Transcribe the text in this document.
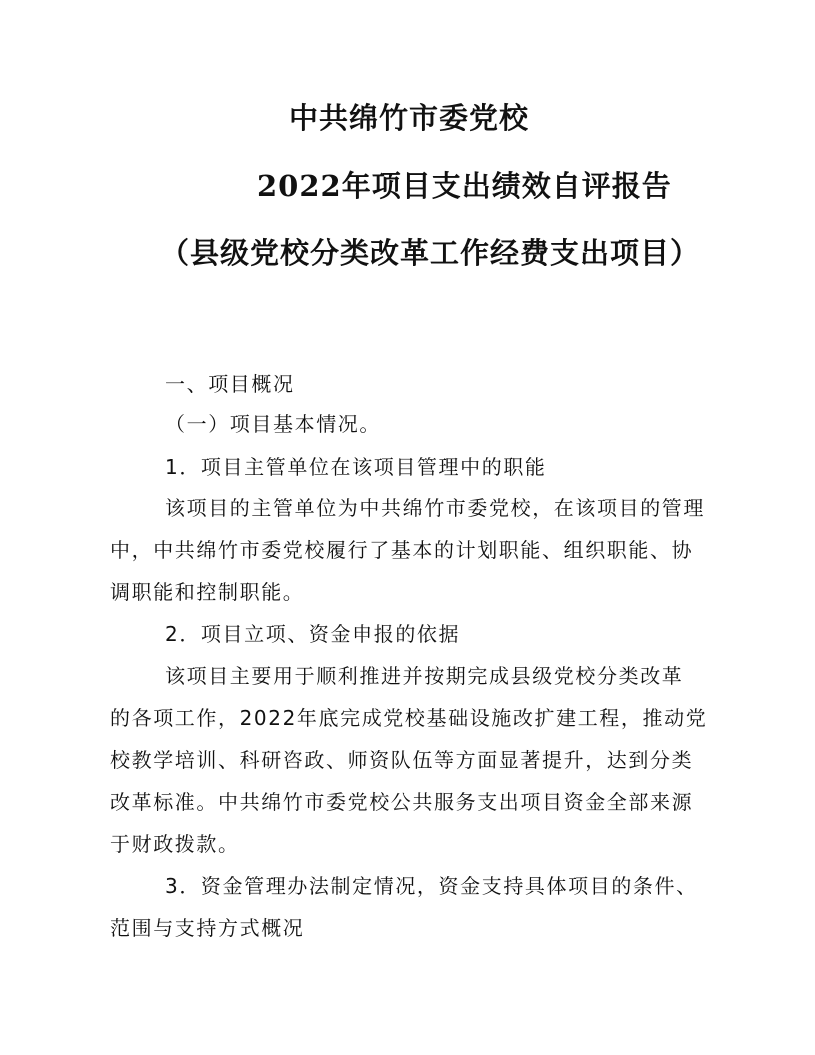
中共绵竹市委党校
2022年项目支出绩效自评报告
（县级党校分类改革工作经费支出项目）
一、项目概况
（一）项目基本情况。
1．项目主管单位在该项目管理中的职能
该项目的主管单位为中共绵竹市委党校，在该项目的管理
中，中共绵竹市委党校履行了基本的计划职能、组织职能、协
调职能和控制职能。
2．项目立项、资金申报的依据
该项目主要用于顺利推进并按期完成县级党校分类改革
的各项工作，2022年底完成党校基础设施改扩建工程，推动党
校教学培训、科研咨政、师资队伍等方面显著提升，达到分类
改革标准。中共绵竹市委党校公共服务支出项目资金全部来源
于财政拨款。
3．资金管理办法制定情况，资金支持具体项目的条件、
范围与支持方式概况
